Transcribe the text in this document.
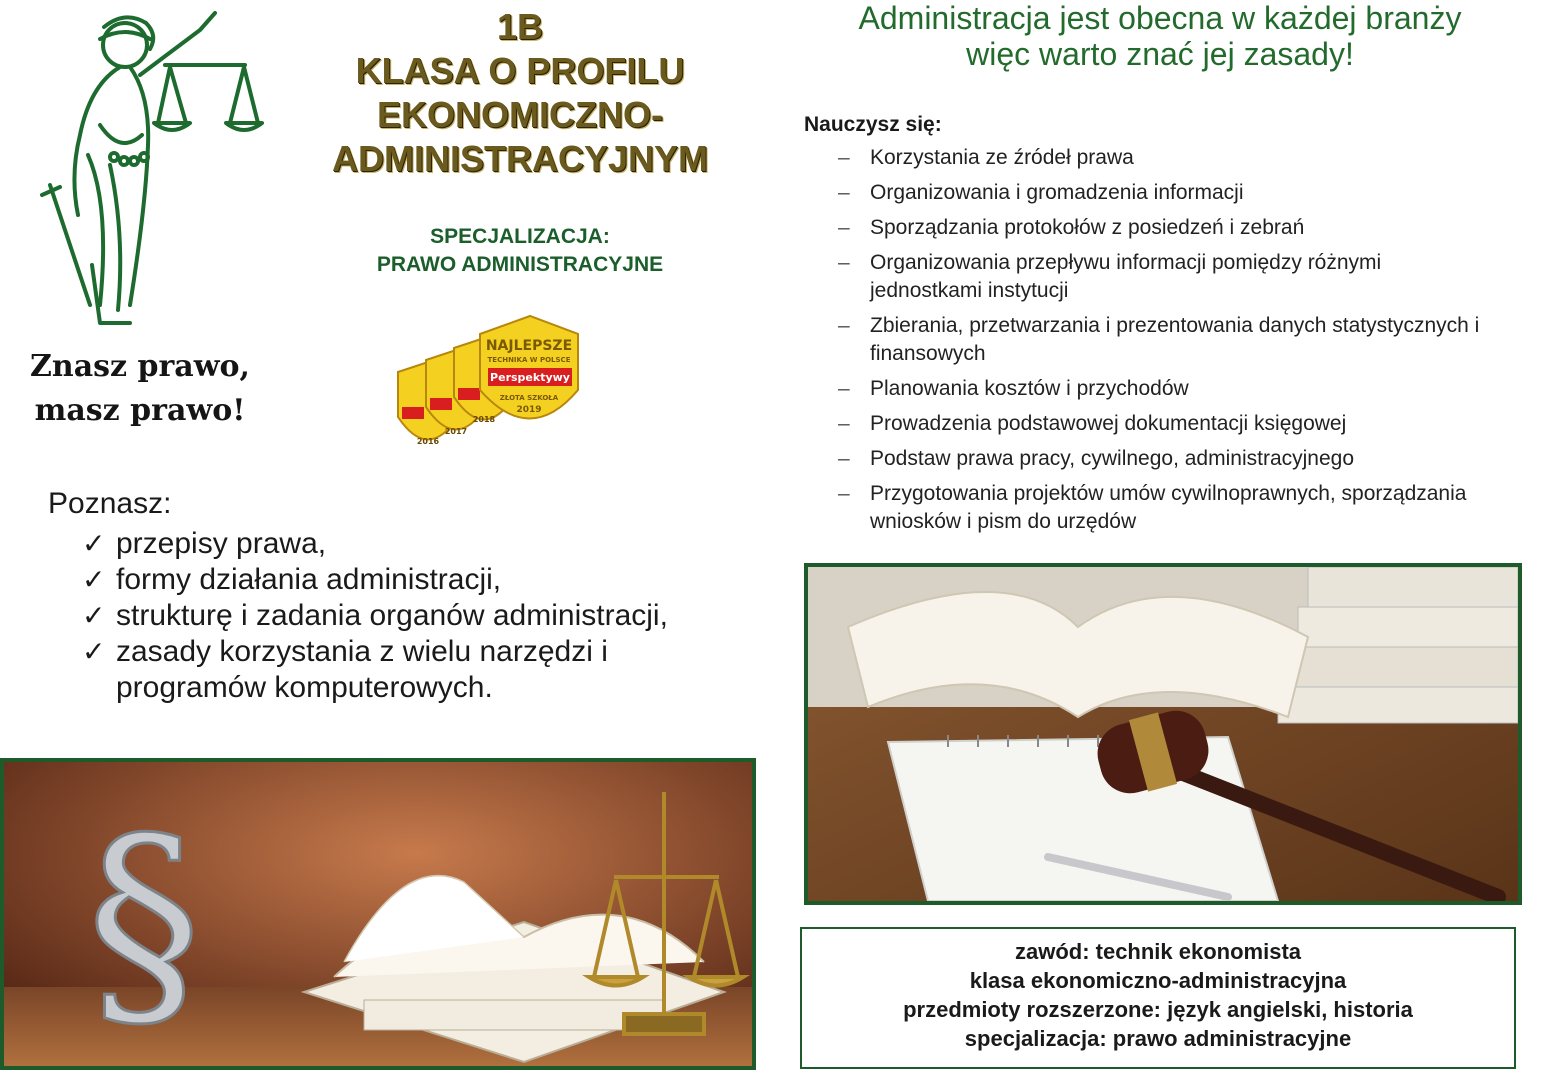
1B
KLASA O PROFILU
EKONOMICZNO-
ADMINISTRACYJNYM
SPECJALIZACJA:
PRAWO ADMINISTRACYJNE
2016
2017
2018
NAJLEPSZE
TECHNIKA W POLSCE
Perspektywy
ZŁOTA SZKOŁA
2019
Znasz prawo,
masz prawo!
Poznasz:
✓ przepisy prawa,
✓ formy działania administracji,
✓ strukturę i zadania organów administracji,
✓ zasady korzystania z wielu narzędzi i programów komputerowych.
§
Administracja jest obecna w każdej branży
więc warto znać jej zasady!
Nauczysz się:
– Korzystania ze źródeł prawa
– Organizowania i gromadzenia informacji
– Sporządzania protokołów z posiedzeń i zebrań
– Organizowania przepływu informacji pomiędzy różnymi jednostkami instytucji
– Zbierania, przetwarzania i prezentowania danych statystycznych i finansowych
– Planowania kosztów i przychodów
– Prowadzenia podstawowej dokumentacji księgowej
– Podstaw prawa pracy, cywilnego, administracyjnego
– Przygotowania projektów umów cywilnoprawnych, sporządzania wniosków i pism do urzędów
zawód: technik ekonomista
klasa ekonomiczno-administracyjna
przedmioty rozszerzone: język angielski, historia
specjalizacja: prawo administracyjne
